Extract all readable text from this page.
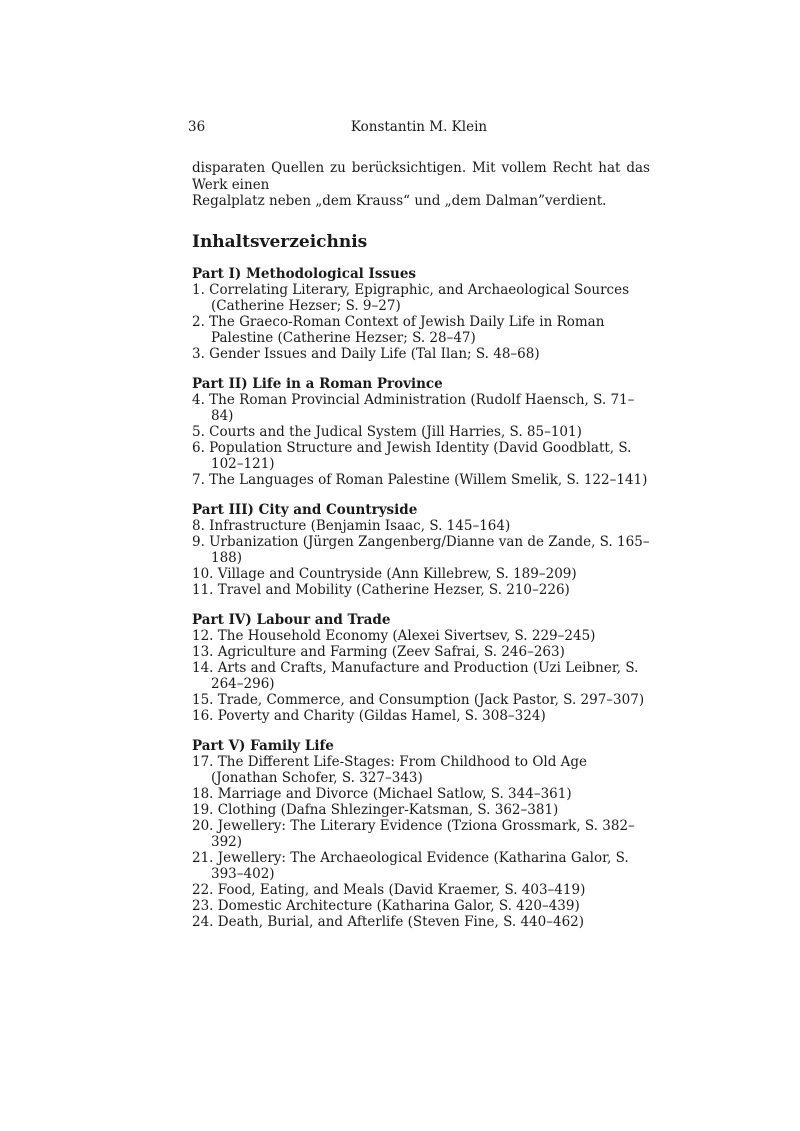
36	Konstantin M. Klein

disparaten Quellen zu berücksichtigen. Mit vollem Recht hat das Werk einen
Regalplatz neben „dem Krauss“ und „dem Dalman”verdient.

Inhaltsverzeichnis
Part I) Methodological Issues
1. Correlating Literary, Epigraphic, and Archaeological Sources (Catherine Hezser; S. 9–27)
2. The Graeco-Roman Context of Jewish Daily Life in Roman Palestine (Catherine Hezser; S. 28–47)
3. Gender Issues and Daily Life (Tal Ilan; S. 48–68)
Part II) Life in a Roman Province
4. The Roman Provincial Administration (Rudolf Haensch, S. 71–84)
5. Courts and the Judical System (Jill Harries, S. 85–101)
6. Population Structure and Jewish Identity (David Goodblatt, S. 102–121)
7. The Languages of Roman Palestine (Willem Smelik, S. 122–141)
Part III) City and Countryside
8. Infrastructure (Benjamin Isaac, S. 145–164)
9. Urbanization (Jürgen Zangenberg/Dianne van de Zande, S. 165–188)
10. Village and Countryside (Ann Killebrew, S. 189–209)
11. Travel and Mobility (Catherine Hezser, S. 210–226)
Part IV) Labour and Trade
12. The Household Economy (Alexei Sivertsev, S. 229–245)
13. Agriculture and Farming (Zeev Safrai, S. 246–263)
14. Arts and Crafts, Manufacture and Production (Uzi Leibner, S. 264–296)
15. Trade, Commerce, and Consumption (Jack Pastor, S. 297–307)
16. Poverty and Charity (Gildas Hamel, S. 308–324)
Part V) Family Life
17. The Different Life-Stages: From Childhood to Old Age (Jonathan Schofer, S. 327–343)
18. Marriage and Divorce (Michael Satlow, S. 344–361)
19. Clothing (Dafna Shlezinger-Katsman, S. 362–381)
20. Jewellery: The Literary Evidence (Tziona Grossmark, S. 382–392)
21. Jewellery: The Archaeological Evidence (Katharina Galor, S. 393–402)
22. Food, Eating, and Meals (David Kraemer, S. 403–419)
23. Domestic Architecture (Katharina Galor, S. 420–439)
24. Death, Burial, and Afterlife (Steven Fine, S. 440–462)
